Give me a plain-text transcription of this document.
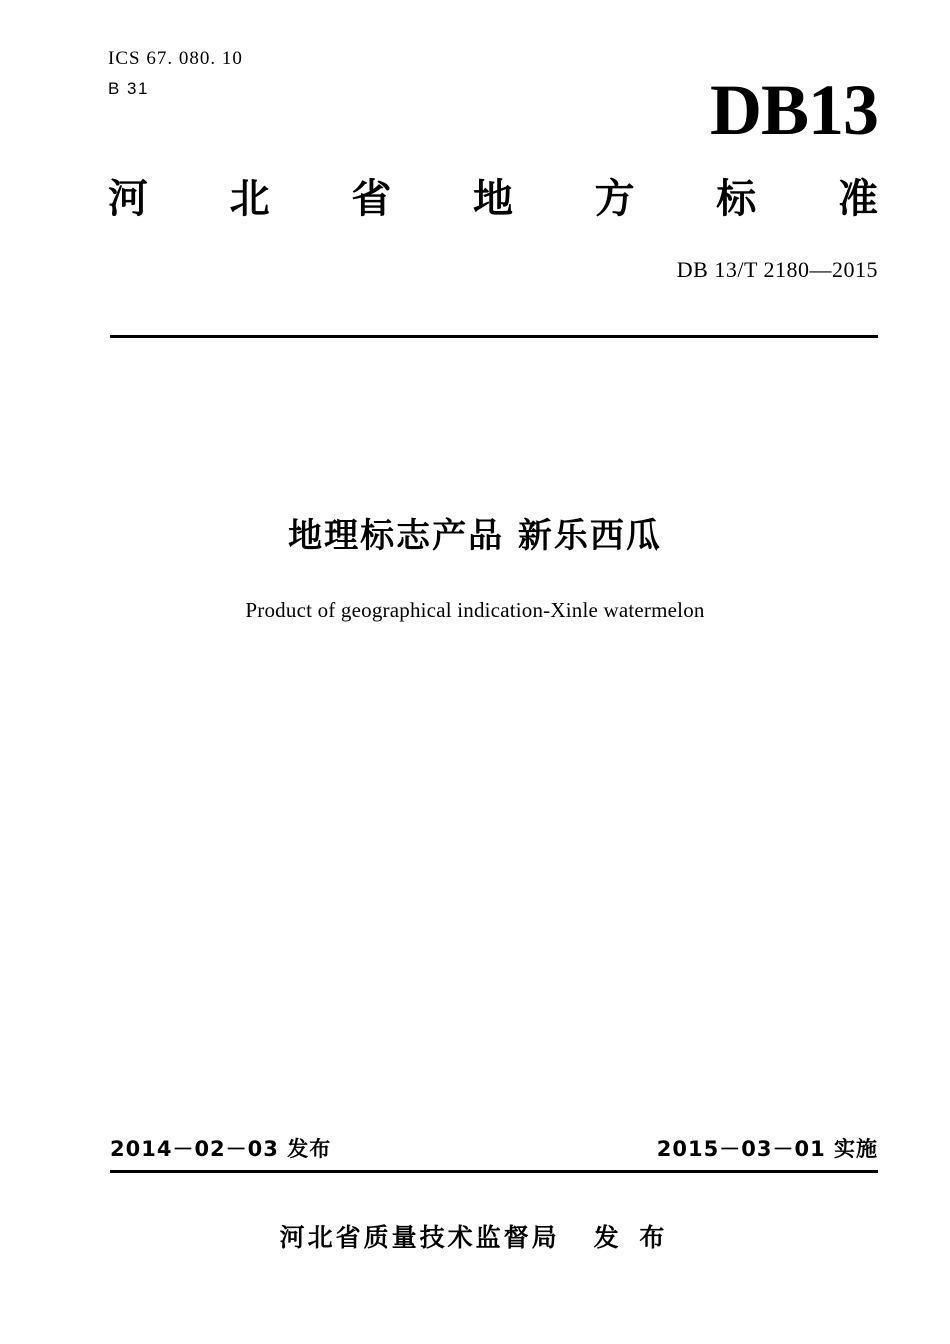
ICS 67. 080. 10
B 31	DB13
河 北 省 地 方 标 准
DB 13/T 2180—2015
地理标志产品 新乐西瓜
Product of geographical indication-Xinle watermelon
2014－02－03 发布	2015－03－01 实施
河北省质量技术监督局 发 布
